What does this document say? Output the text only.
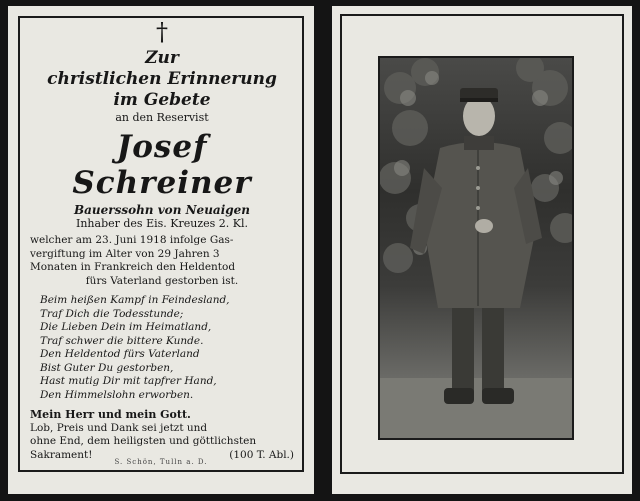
†
Zur
christlichen Erinnerung
im Gebete
an den Reservist
Josef Schreiner
Bauerssohn von Neuaigen
Inhaber des Eis. Kreuzes 2. Kl.
welcher am 23. Juni 1918 infolge Gas-
vergiftung im Alter von 29 Jahren 3
Monaten in Frankreich den Heldentod
fürs Vaterland gestorben ist.
Beim heißen Kampf in Feindesland,
Traf Dich die Todesstunde;
Die Lieben Dein im Heimatland,
Traf schwer die bittere Kunde.
Den Heldentod fürs Vaterland
Bist Guter Du gestorben,
Hast mutig Dir mit tapfrer Hand,
Den Himmelslohn erworben.
Mein Herr und mein Gott.
Lob, Preis und Dank sei jetzt und
ohne End, dem heiligsten und göttlichsten
Sakrament!	(100 T. Abl.)
S. Schön, Tulln a. D.
